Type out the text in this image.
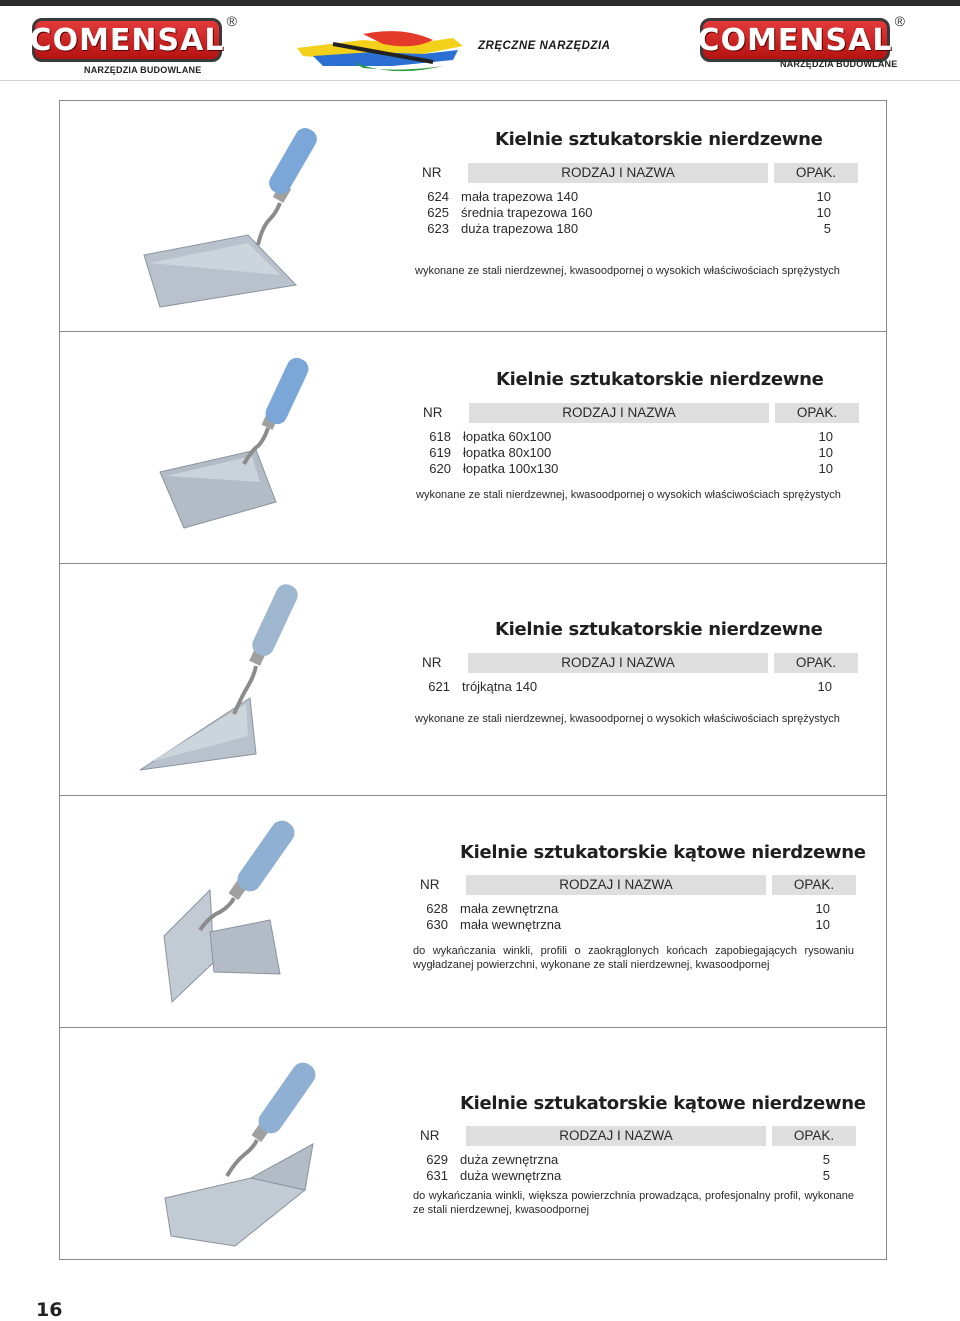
COMENSAL
®
NARZĘDZIA BUDOWLANE
ZRĘCZNE NARZĘDZIA	COMENSAL
®
NARZĘDZIA BUDOWLANE
Kielnie sztukatorskie nierdzewne
NR	RODZAJ I NAZWA	OPAK.
624 mała trapezowa 140	10
625 średnia trapezowa 160	10
623 duża trapezowa 180	5
wykonane ze stali nierdzewnej, kwasoodpornej o wysokich właściwościach sprężystych
Kielnie sztukatorskie nierdzewne
NR	RODZAJ I NAZWA	OPAK.
618 łopatka 60x100	10
619 łopatka 80x100	10
620 łopatka 100x130	10
wykonane ze stali nierdzewnej, kwasoodpornej o wysokich właściwościach sprężystych
Kielnie sztukatorskie nierdzewne
NR	RODZAJ I NAZWA	OPAK.
621 trójkątna 140	10
wykonane ze stali nierdzewnej, kwasoodpornej o wysokich właściwościach sprężystych
Kielnie sztukatorskie kątowe nierdzewne
NR	RODZAJ I NAZWA	OPAK.
628 mała zewnętrzna	10
630 mała wewnętrzna	10
do wykańczania winkli, profili o zaokrąglonych końcach zapobiegających rysowaniu wygładzanej powierzchni, wykonane ze stali nierdzewnej, kwasoodpornej
Kielnie sztukatorskie kątowe nierdzewne
NR	RODZAJ I NAZWA	OPAK.
629 duża zewnętrzna	5
631 duża wewnętrzna	5
do wykańczania winkli, większa powierzchnia prowadząca, profesjonalny profil, wykonane ze stali nierdzewnej, kwasoodpornej
16
